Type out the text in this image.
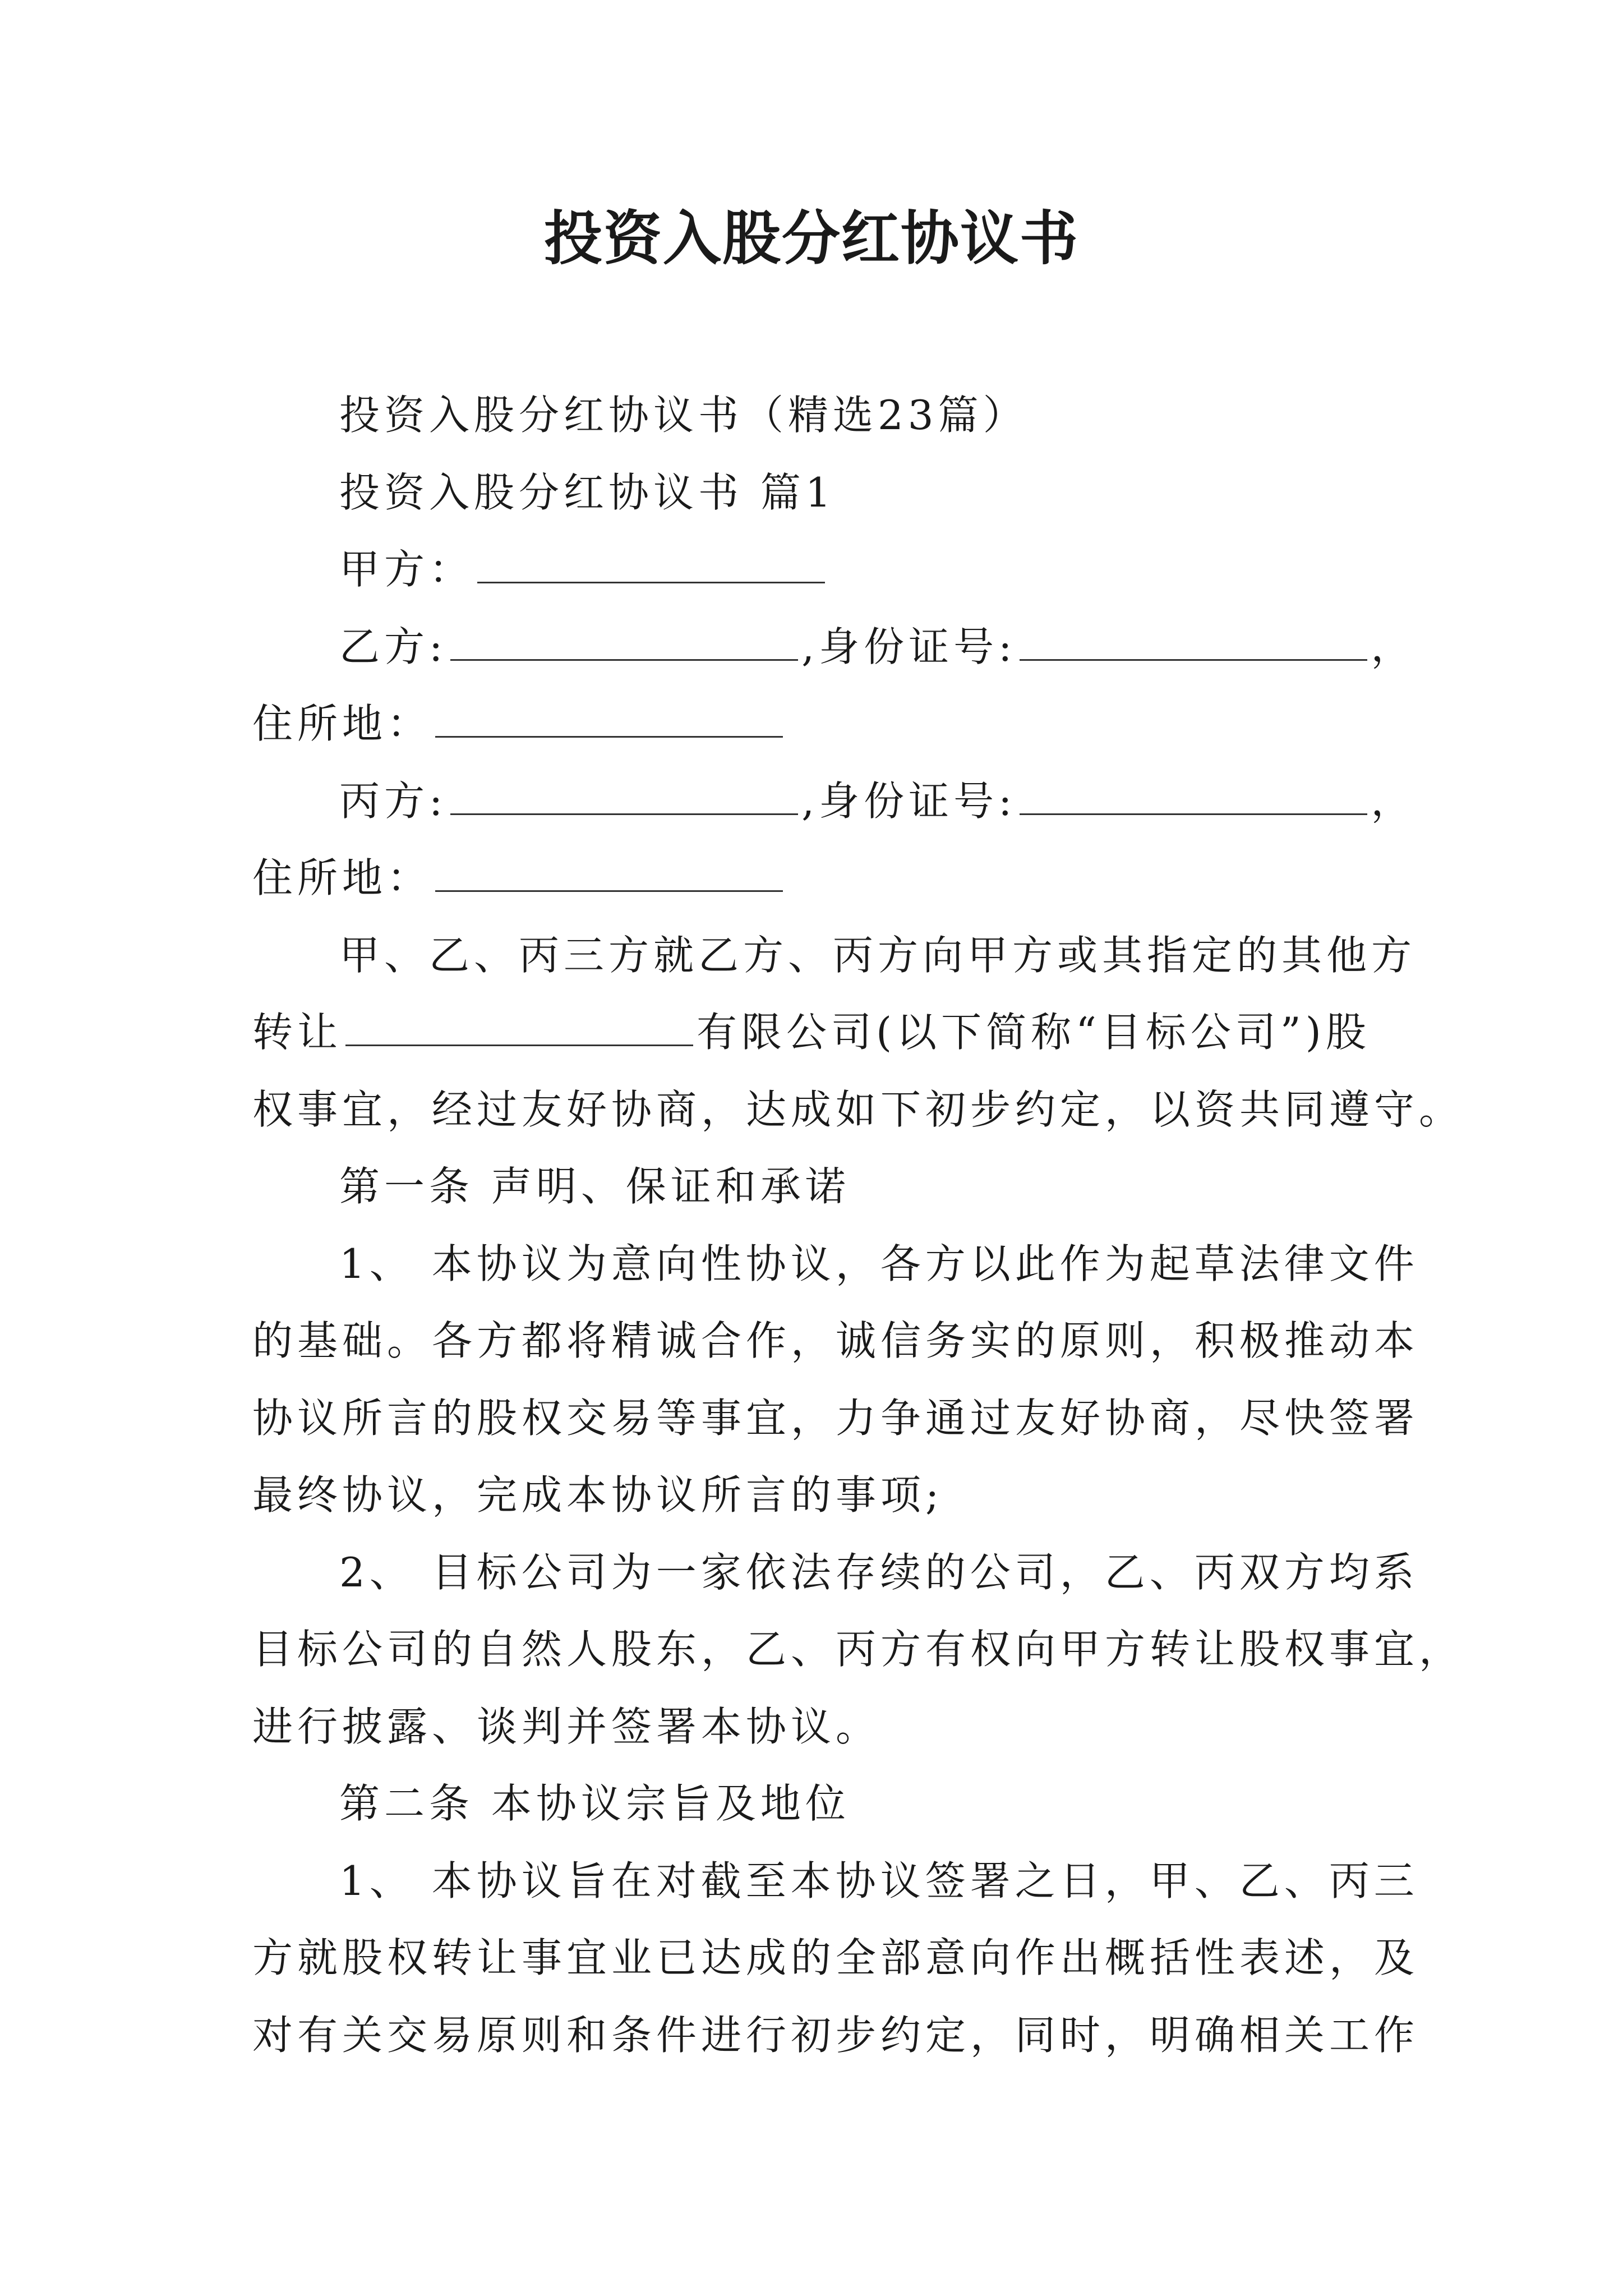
投资入股分红协议书
投资入股分红协议书（精选23篇）
投资入股分红协议书 篇1
甲方：
乙方:	,身份证号:	，
住所地：
丙方:	,身份证号:	，
住所地：
甲、乙、丙三方就乙方、丙方向甲方或其指定的其他方
转让	有限公司(以下简称“目标公司”)股
权事宜，经过友好协商，达成如下初步约定，以资共同遵守。
第一条 声明、保证和承诺
1、 本协议为意向性协议，各方以此作为起草法律文件
的基础。各方都将精诚合作，诚信务实的原则，积极推动本
协议所言的股权交易等事宜，力争通过友好协商，尽快签署
最终协议，完成本协议所言的事项;
2、 目标公司为一家依法存续的公司，乙、丙双方均系
目标公司的自然人股东，乙、丙方有权向甲方转让股权事宜，
进行披露、谈判并签署本协议。
第二条 本协议宗旨及地位
1、 本协议旨在对截至本协议签署之日，甲、乙、丙三
方就股权转让事宜业已达成的全部意向作出概括性表述，及
对有关交易原则和条件进行初步约定，同时，明确相关工作
